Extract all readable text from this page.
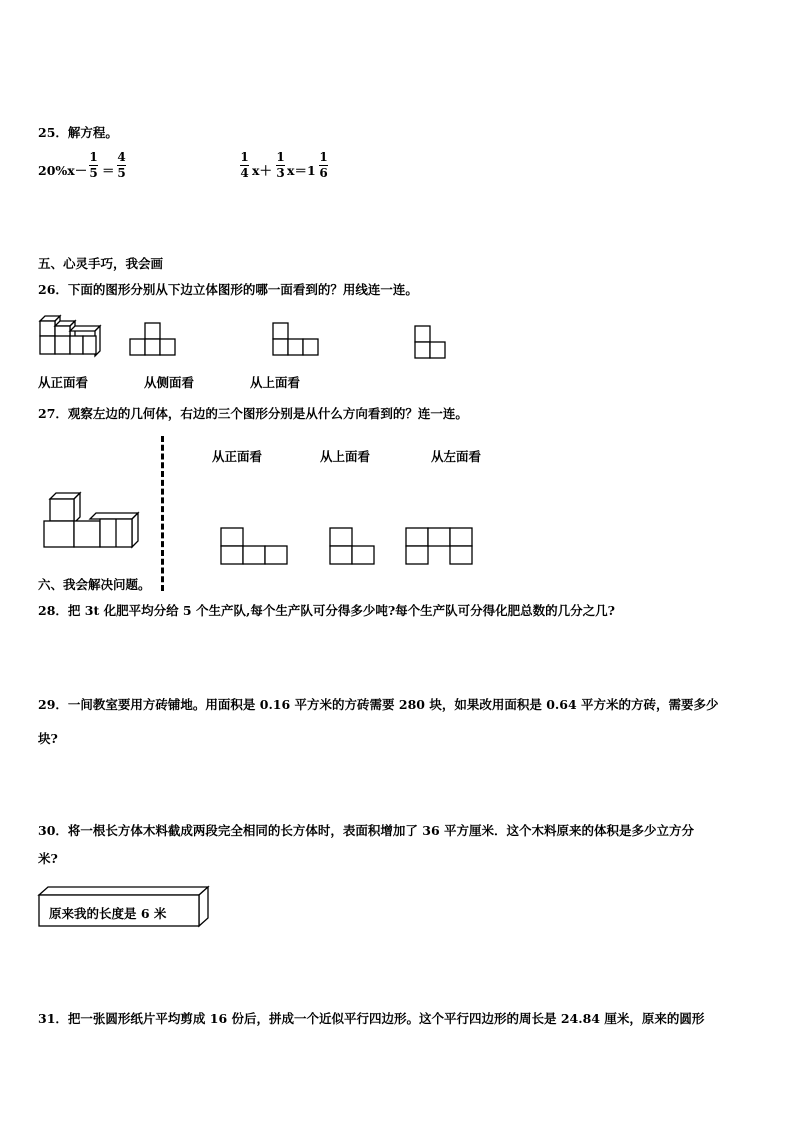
25．解方程。
20%x－
1
5 ＝
4
5
1
4 x＋
1
3 x＝1
1
6
五、心灵手巧，我会画
26．下面的图形分别从下边立体图形的哪一面看到的？用线连一连。
从正面看	从侧面看	从上面看
27．观察左边的几何体，右边的三个图形分别是从什么方向看到的？连一连。
从正面看	从上面看	从左面看
六、我会解决问题。
28．把 3t 化肥平均分给 5 个生产队,每个生产队可分得多少吨?每个生产队可分得化肥总数的几分之几?
29．一间教室要用方砖铺地。用面积是 0.16 平方米的方砖需要 280 块，如果改用面积是 0.64 平方米的方砖，需要多少
块?
30．将一根长方体木料截成两段完全相同的长方体时，表面积增加了 36 平方厘米．这个木料原来的体积是多少立方分
米?
原来我的长度是 6 米
31．把一张圆形纸片平均剪成 16 份后，拼成一个近似平行四边形。这个平行四边形的周长是 24.84 厘米，原来的圆形
